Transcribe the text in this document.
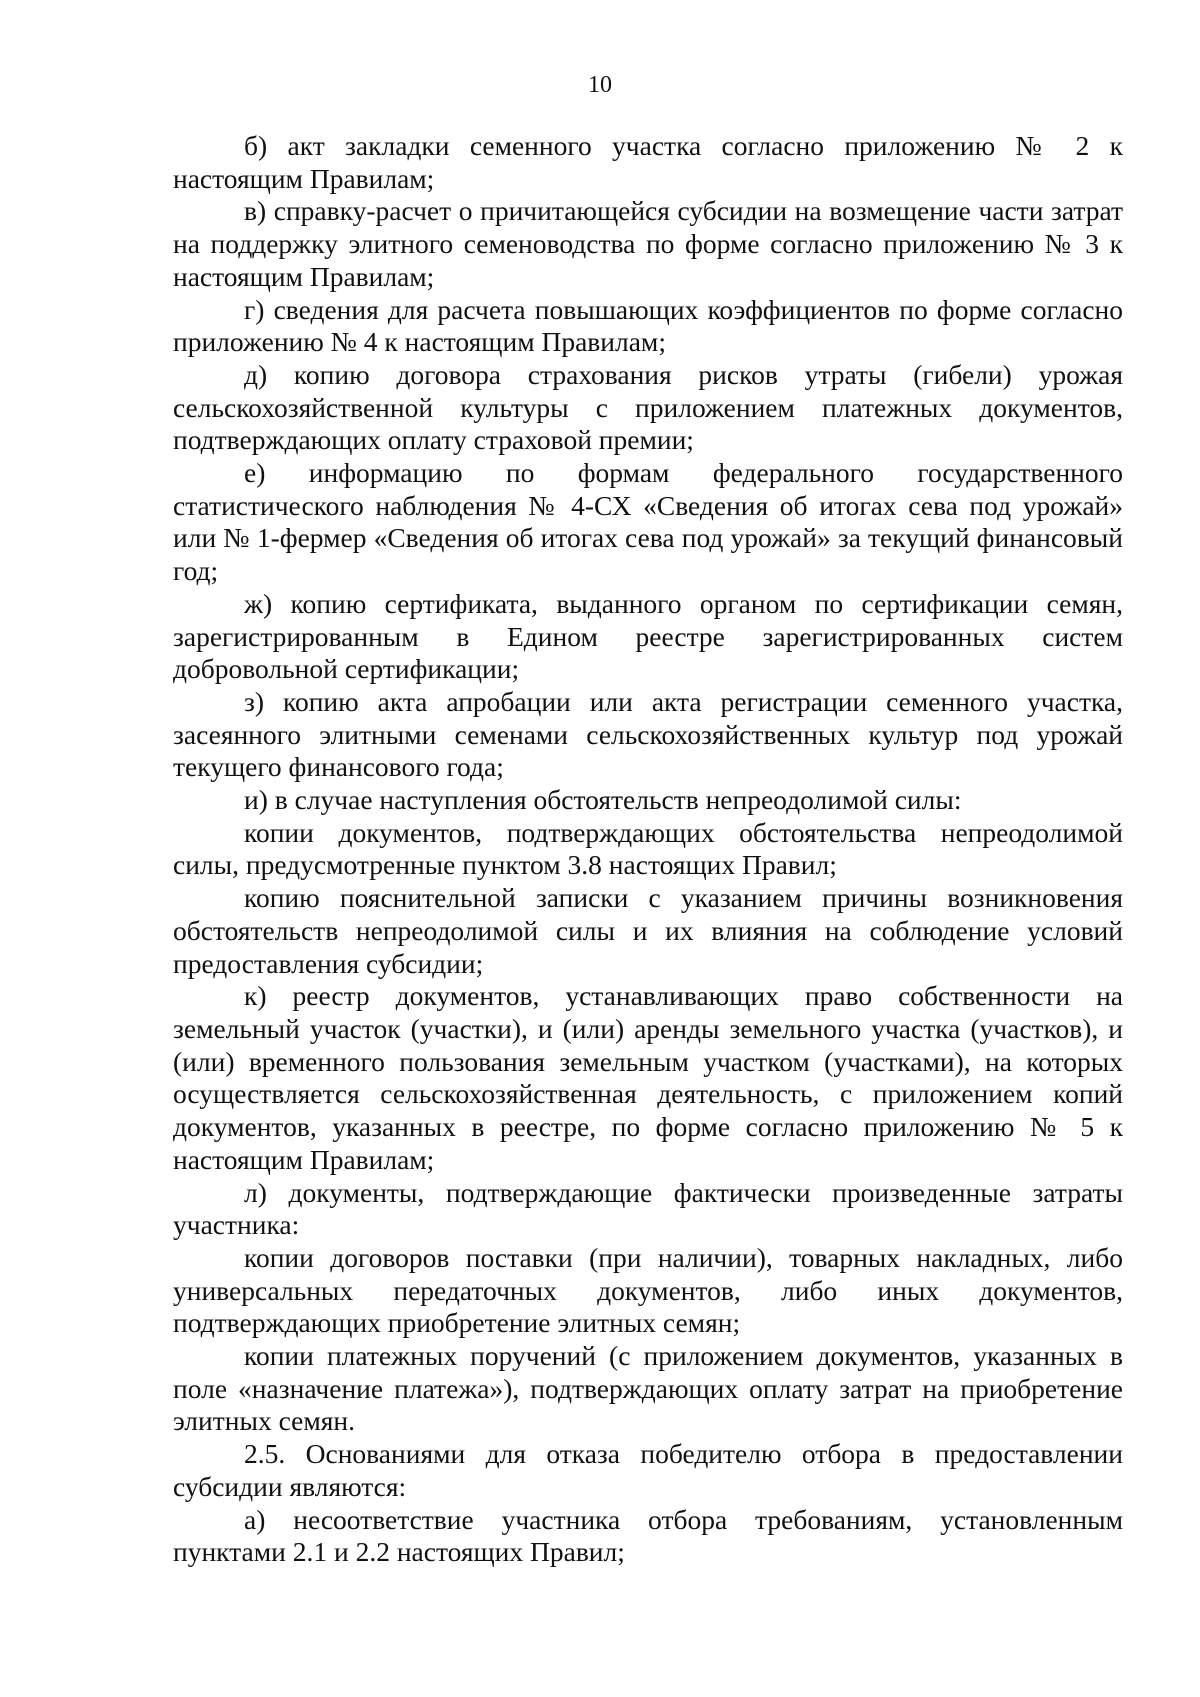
10

б) акт закладки семенного участка согласно приложению № 2 к настоящим Правилам;

в) справку-расчет о причитающейся субсидии на возмещение части затрат на поддержку элитного семеноводства по форме согласно приложению № 3 к настоящим Правилам;

г) сведения для расчета повышающих коэффициентов по форме согласно приложению № 4 к настоящим Правилам;

д) копию договора страхования рисков утраты (гибели) урожая сельскохозяйственной культуры с приложением платежных документов, подтверждающих оплату страховой премии;

е) информацию по формам федерального государственного статистического наблюдения № 4-СХ «Сведения об итогах сева под урожай» или № 1-фермер «Сведения об итогах сева под урожай» за текущий финансовый год;

ж) копию сертификата, выданного органом по сертификации семян, зарегистрированным в Едином реестре зарегистрированных систем добровольной сертификации;

з) копию акта апробации или акта регистрации семенного участка, засеянного элитными семенами сельскохозяйственных культур под урожай текущего финансового года;

и) в случае наступления обстоятельств непреодолимой силы:

копии документов, подтверждающих обстоятельства непреодолимой силы, предусмотренные пунктом 3.8 настоящих Правил;

копию пояснительной записки с указанием причины возникновения обстоятельств непреодолимой силы и их влияния на соблюдение условий предоставления субсидии;

к) реестр документов, устанавливающих право собственности на земельный участок (участки), и (или) аренды земельного участка (участков), и (или) временного пользования земельным участком (участками), на которых осуществляется сельскохозяйственная деятельность, с приложением копий документов, указанных в реестре, по форме согласно приложению № 5 к настоящим Правилам;

л) документы, подтверждающие фактически произведенные затраты участника:

копии договоров поставки (при наличии), товарных накладных, либо универсальных передаточных документов, либо иных документов, подтверждающих приобретение элитных семян;

копии платежных поручений (с приложением документов, указанных в поле «назначение платежа»), подтверждающих оплату затрат на приобретение элитных семян.

2.5. Основаниями для отказа победителю отбора в предоставлении субсидии являются:

а) несоответствие участника отбора требованиям, установленным пунктами 2.1 и 2.2 настоящих Правил;
